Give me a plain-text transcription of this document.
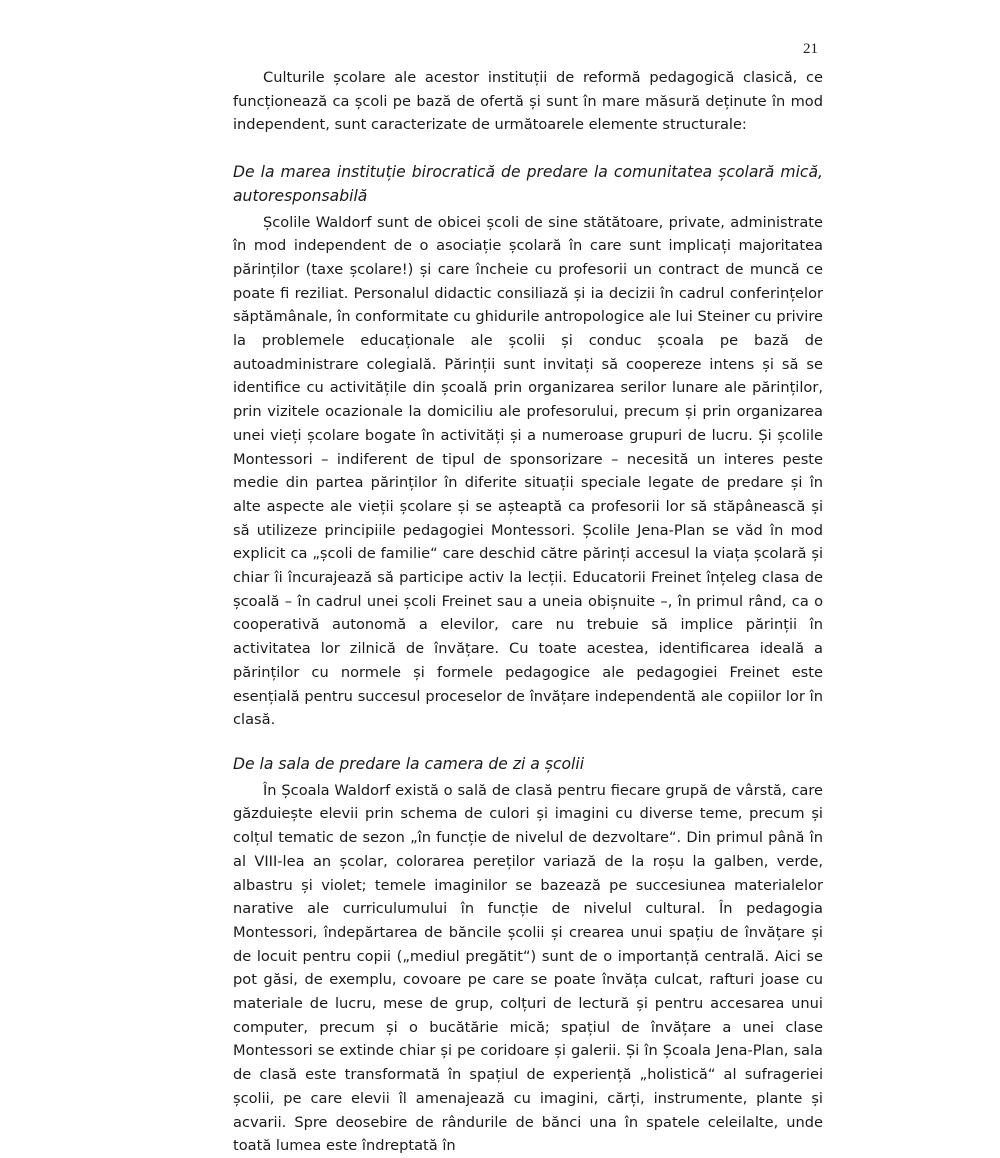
21

Culturile școlare ale acestor instituții de reformă pedagogică clasică, ce funcționează ca școli pe bază de ofertă și sunt în mare măsură deținute în mod independent, sunt caracterizate de următoarele elemente structurale:

De la marea instituție birocratică de predare la comunitatea școlară mică, autoresponsabilă

Școlile Waldorf sunt de obicei școli de sine stătătoare, private, administrate în mod independent de o asociație școlară în care sunt implicați majoritatea părinților (taxe școlare!) și care încheie cu profesorii un contract de muncă ce poate fi reziliat. Personalul didactic consiliază și ia decizii în cadrul conferințelor săptămânale, în conformitate cu ghidurile antropologice ale lui Steiner cu privire la problemele educaționale ale școlii și conduc școala pe bază de autoadministrare colegială. Părinții sunt invitați să coopereze intens și să se identifice cu activitățile din școală prin organizarea serilor lunare ale părinților, prin vizitele ocazionale la domiciliu ale profesorului, precum și prin organizarea unei vieți școlare bogate în activități și a numeroase grupuri de lucru. Și școlile Montessori – indiferent de tipul de sponsorizare – necesită un interes peste medie din partea părinților în diferite situații speciale legate de predare și în alte aspecte ale vieții școlare și se așteaptă ca profesorii lor să stăpânească și să utilizeze principiile pedagogiei Montessori. Școlile Jena-Plan se văd în mod explicit ca „școli de familie“ care deschid către părinți accesul la viața școlară și chiar îi încurajează să participe activ la lecții. Educatorii Freinet înțeleg clasa de școală – în cadrul unei școli Freinet sau a uneia obișnuite –, în primul rând, ca o cooperativă autonomă a elevilor, care nu trebuie să implice părinții în activitatea lor zilnică de învățare. Cu toate acestea, identificarea ideală a părinților cu normele și formele pedagogice ale pedagogiei Freinet este esențială pentru succesul proceselor de învățare independentă ale copiilor lor în clasă.

De la sala de predare la camera de zi a școlii

În Școala Waldorf există o sală de clasă pentru fiecare grupă de vârstă, care găzduiește elevii prin schema de culori și imagini cu diverse teme, precum și colțul tematic de sezon „în funcție de nivelul de dezvoltare“. Din primul până în al VIII-lea an școlar, colorarea pereților variază de la roșu la galben, verde, albastru și violet; temele imaginilor se bazează pe succesiunea materialelor narative ale curriculumului în funcție de nivelul cultural. În pedagogia Montessori, îndepărtarea de băncile școlii și crearea unui spațiu de învățare și de locuit pentru copii („mediul pregătit“) sunt de o importanță centrală. Aici se pot găsi, de exemplu, covoare pe care se poate învăța culcat, rafturi joase cu materiale de lucru, mese de grup, colțuri de lectură și pentru accesarea unui computer, precum și o bucătărie mică; spațiul de învățare a unei clase Montessori se extinde chiar și pe coridoare și galerii. Și în Școala Jena-Plan, sala de clasă este transformată în spațiul de experiență „holistică“ al sufrageriei școlii, pe care elevii îl amenajează cu imagini, cărți, instrumente, plante și acvarii. Spre deosebire de rândurile de bănci una în spatele celeilalte, unde toată lumea este îndreptată în
